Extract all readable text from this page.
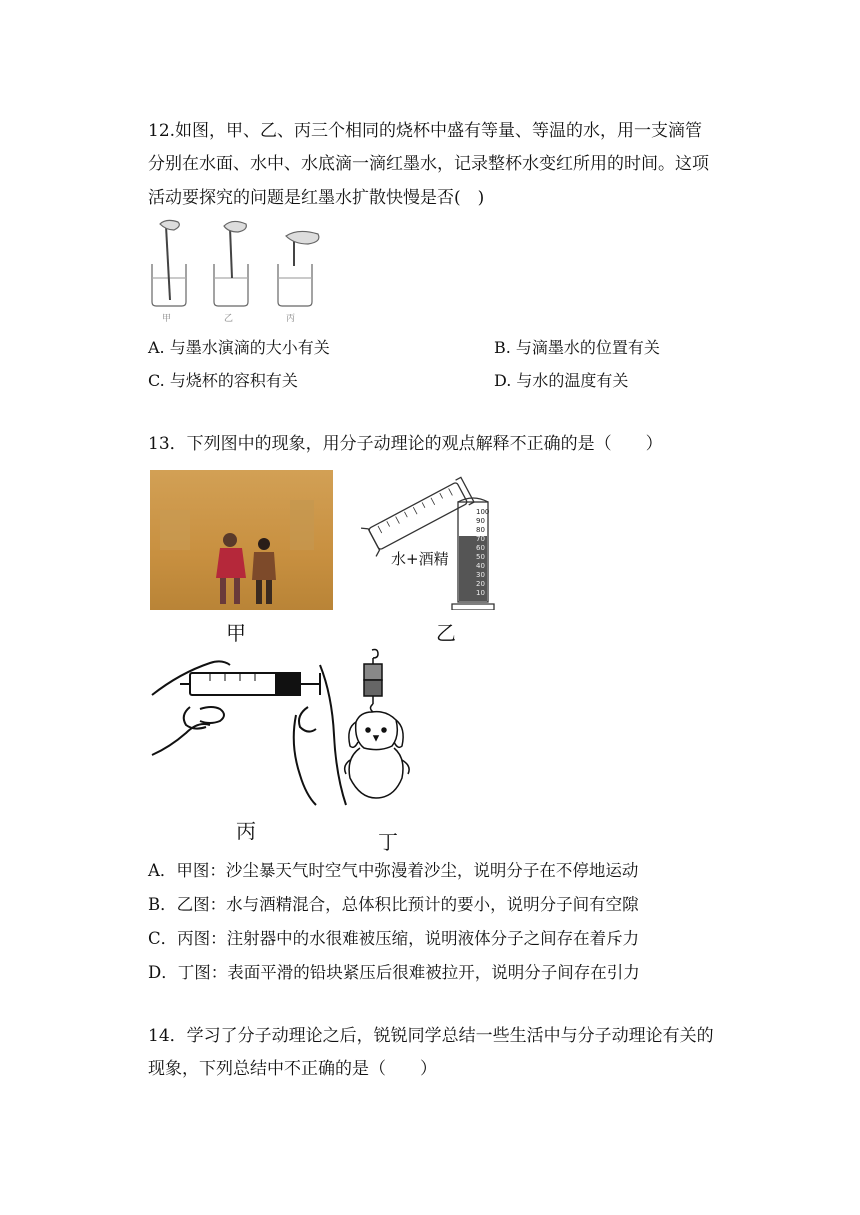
12.如图，甲、乙、丙三个相同的烧杯中盛有等量、等温的水，用一支滴管
分别在水面、水中、水底滴一滴红墨水，记录整杯水变红所用的时间。这项
活动要探究的问题是红墨水扩散快慢是否(　)
甲	乙	丙
A. 与墨水演滴的大小有关	B. 与滴墨水的位置有关
C. 与烧杯的容积有关	D. 与水的温度有关
13．下列图中的现象，用分子动理论的观点解释不正确的是（　　）
甲
水+酒精
100
90
80
70
60
50
40
30
20
10
乙
丙	丁
A．甲图：沙尘暴天气时空气中弥漫着沙尘，说明分子在不停地运动
B．乙图：水与酒精混合，总体积比预计的要小，说明分子间有空隙
C．丙图：注射器中的水很难被压缩，说明液体分子之间存在着斥力
D．丁图：表面平滑的铅块紧压后很难被拉开，说明分子间存在引力
14．学习了分子动理论之后，锐锐同学总结一些生活中与分子动理论有关的
现象，下列总结中不正确的是（　　）
